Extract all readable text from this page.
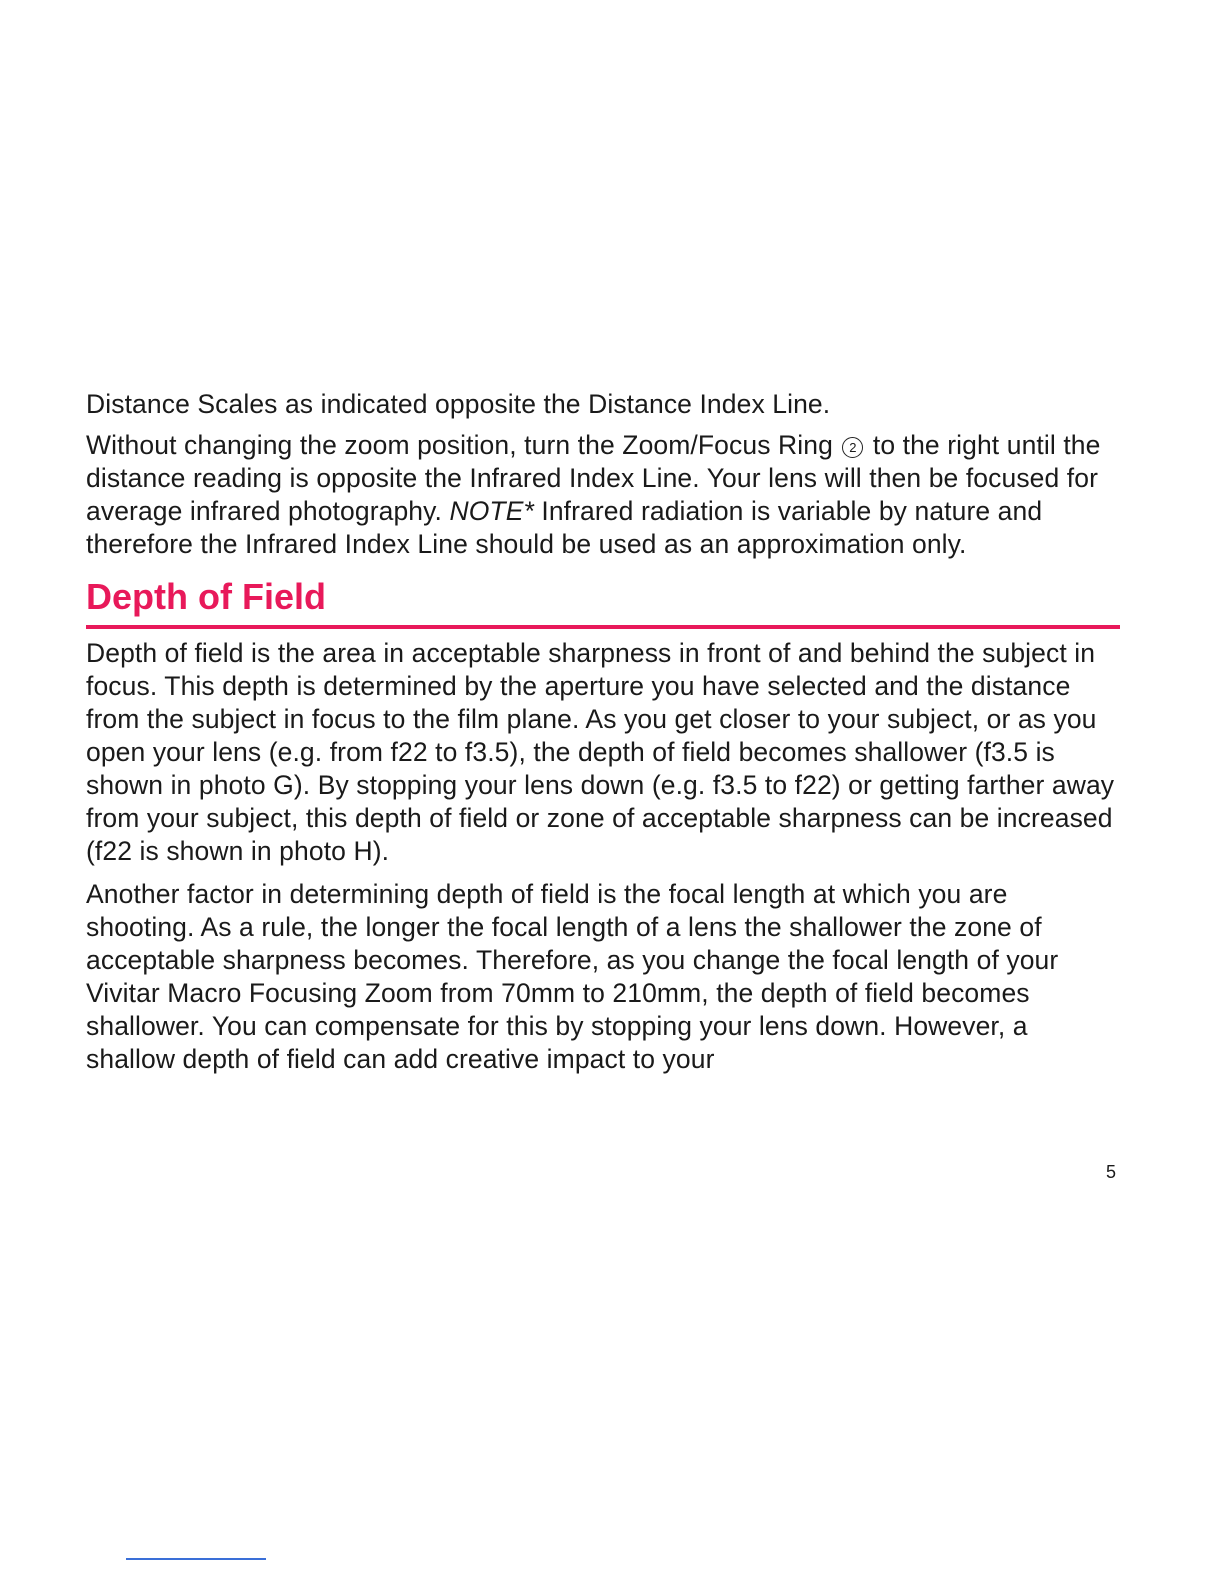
Distance Scales as indicated opposite the Distance Index Line.

Without changing the zoom position, turn the Zoom/Focus Ring 2 to the right until the distance reading is opposite the Infrared Index Line. Your lens will then be focused for average infrared photography. NOTE* Infrared radiation is variable by nature and therefore the Infrared Index Line should be used as an approximation only.

Depth of Field

Depth of field is the area in acceptable sharpness in front of and behind the subject in focus. This depth is determined by the aperture you have selected and the distance from the subject in focus to the film plane. As you get closer to your subject, or as you open your lens (e.g. from f22 to f3.5), the depth of field becomes shallower (f3.5 is shown in photo G). By stopping your lens down (e.g. f3.5 to f22) or getting farther away from your subject, this depth of field or zone of acceptable sharpness can be increased (f22 is shown in photo H).

Another factor in determining depth of field is the focal length at which you are shooting. As a rule, the longer the focal length of a lens the shallower the zone of acceptable sharpness becomes. Therefore, as you change the focal length of your Vivitar Macro Focusing Zoom from 70mm to 210mm, the depth of field becomes shallower. You can compensate for this by stopping your lens down. However, a shallow depth of field can add creative impact to your

5
